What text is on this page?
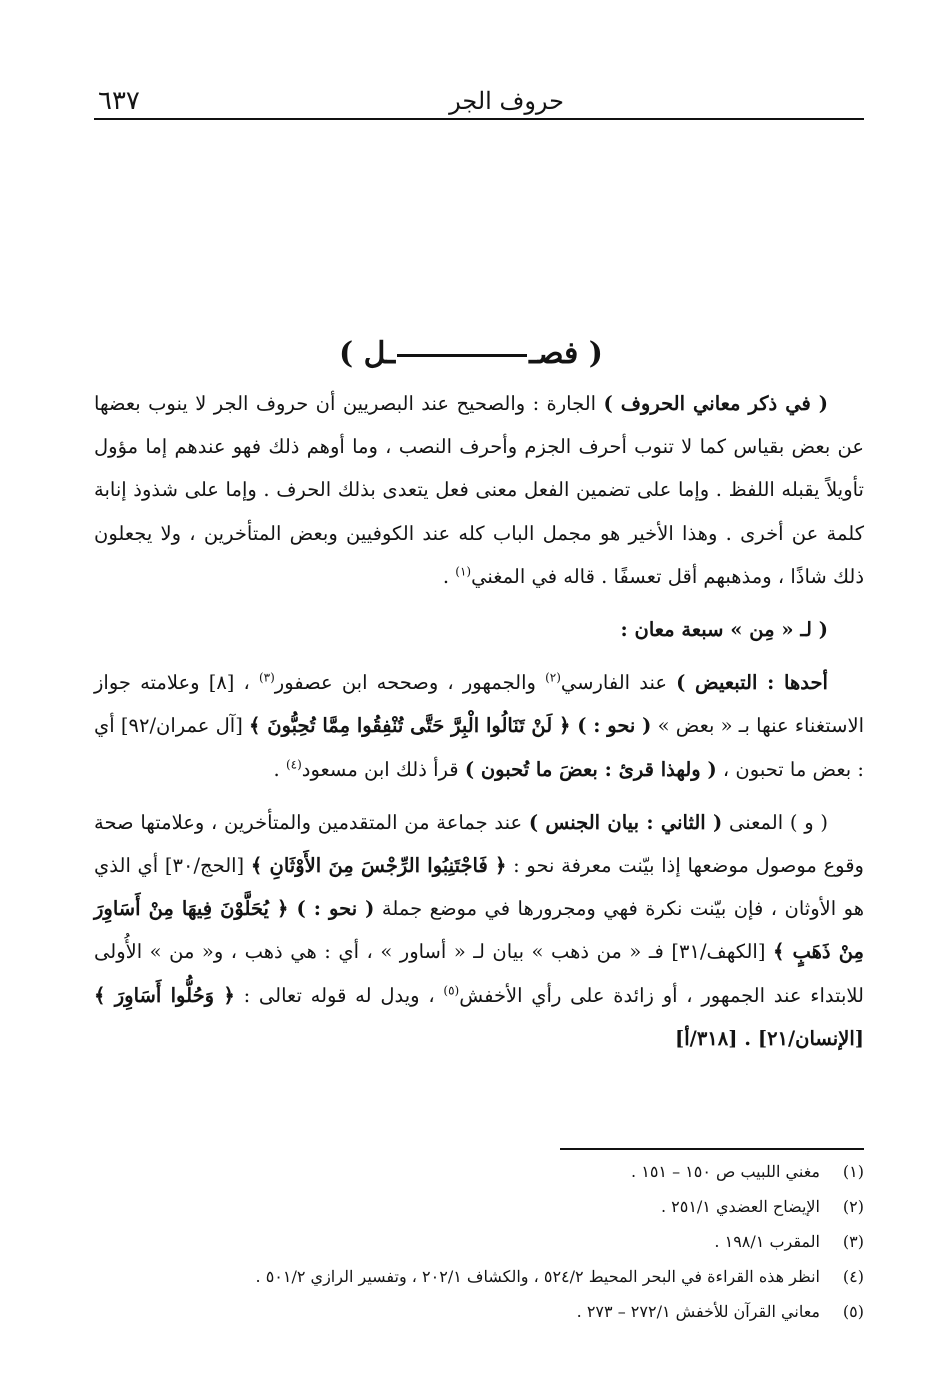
٦٣٧	حروف الجر
( فصــل )

( في ذكر معاني الحروف ) الجارة : والصحيح عند البصريين أن حروف الجر لا ينوب بعضها عن بعض بقياس كما لا تنوب أحرف الجزم وأحرف النصب ، وما أوهم ذلك فهو عندهم إما مؤول تأويلاً يقبله اللفظ . وإما على تضمين الفعل معنى فعل يتعدى بذلك الحرف . وإما على شذوذ إنابة كلمة عن أخرى . وهذا الأخير هو مجمل الباب كله عند الكوفيين وبعض المتأخرين ، ولا يجعلون ذلك شاذًا ، ومذهبهم أقل تعسفًا . قاله في المغني$^{(١)}$ .

( لـ « مِن » سبعة معان :

أحدها : التبعيض ) عند الفارسي$^{(٢)}$ والجمهور ، وصححه ابن عصفور$^{(٣)}$ ، [٨] وعلامته جواز الاستغناء عنها بـ « بعض » ( نحو : ) ﴿ لَنْ تَنَالُوا الْبِرَّ حَتَّى تُنْفِقُوا مِمَّا تُحِبُّونَ ﴾ [آل عمران/٩٢] أي : بعض ما تحبون ، ( ولهذا قرئ : بعضَ ما تُحبون ) قرأ ذلك ابن مسعود$^{(٤)}$ .

( و ) المعنى ( الثاني : بيان الجنس ) عند جماعة من المتقدمين والمتأخرين ، وعلامتها صحة وقوع موصول موضعها إذا بيّنت معرفة نحو : ﴿ فَاجْتَنِبُوا الرِّجْسَ مِنَ الأَوْثَانِ ﴾ [الحج/٣٠] أي الذي هو الأوثان ، فإن بيّنت نكرة فهي ومجرورها في موضع جملة ( نحو : ) ﴿ يُحَلَّوْنَ فِيهَا مِنْ أَسَاوِرَ مِنْ ذَهَبٍ ﴾ [الكهف/٣١] فـ « من ذهب » بيان لـ « أساور » ، أي : هي ذهب ، و« من » الأُولى للابتداء عند الجمهور ، أو زائدة على رأي الأخفش$^{(٥)}$ ، ويدل له قوله تعالى : ﴿ وَحُلُّوا أَسَاوِرَ ﴾ [الإنسان/٢١] . [٣١٨/أ]

(١)
مغني اللبيب ص ١٥٠ – ١٥١ .
(٢)
الإيضاح العضدي ٢٥١/١ .
(٣)
المقرب ١٩٨/١ .
(٤)
انظر هذه القراءة في البحر المحيط ٥٢٤/٢ ، والكشاف ٢٠٢/١ ، وتفسير الرازي ٥٠١/٢ .
(٥)
معاني القرآن للأخفش ٢٧٢/١ – ٢٧٣ .
